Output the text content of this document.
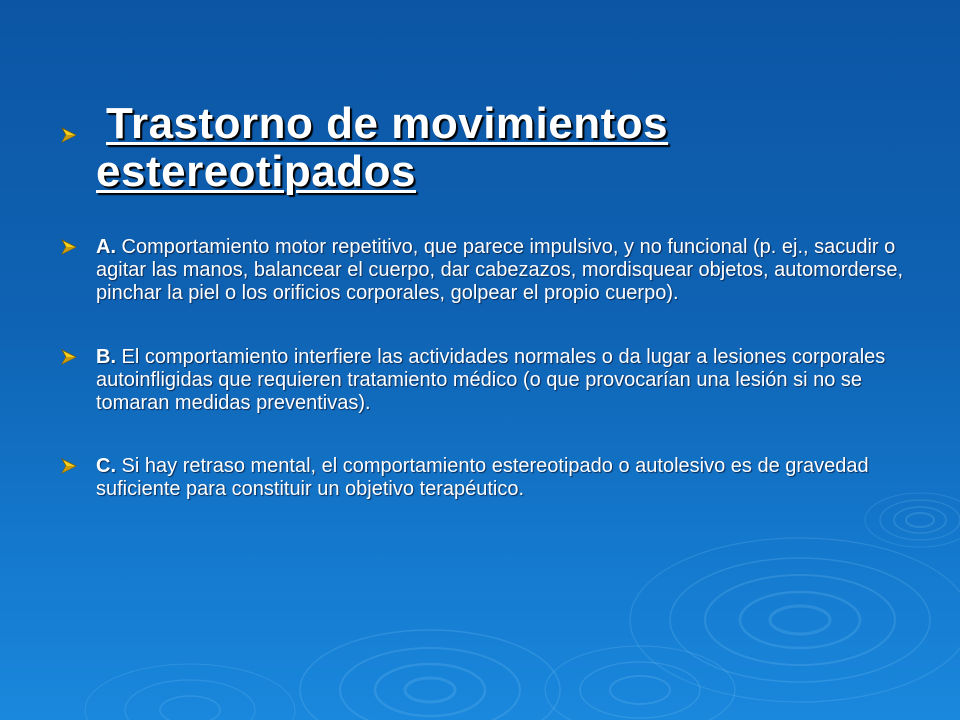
Trastorno de movimientos
estereotipados

A. Comportamiento motor repetitivo, que parece impulsivo, y no funcional (p. ej., sacudir o agitar las manos, balancear el cuerpo, dar cabezazos, mordisquear objetos, automorderse, pinchar la piel o los orificios corporales, golpear el propio cuerpo).

B. El comportamiento interfiere las actividades normales o da lugar a lesiones corporales autoinfligidas que requieren tratamiento médico (o que provocarían una lesión si no se tomaran medidas preventivas).

C. Si hay retraso mental, el comportamiento estereotipado o autolesivo es de gravedad suficiente para constituir un objetivo terapéutico.
